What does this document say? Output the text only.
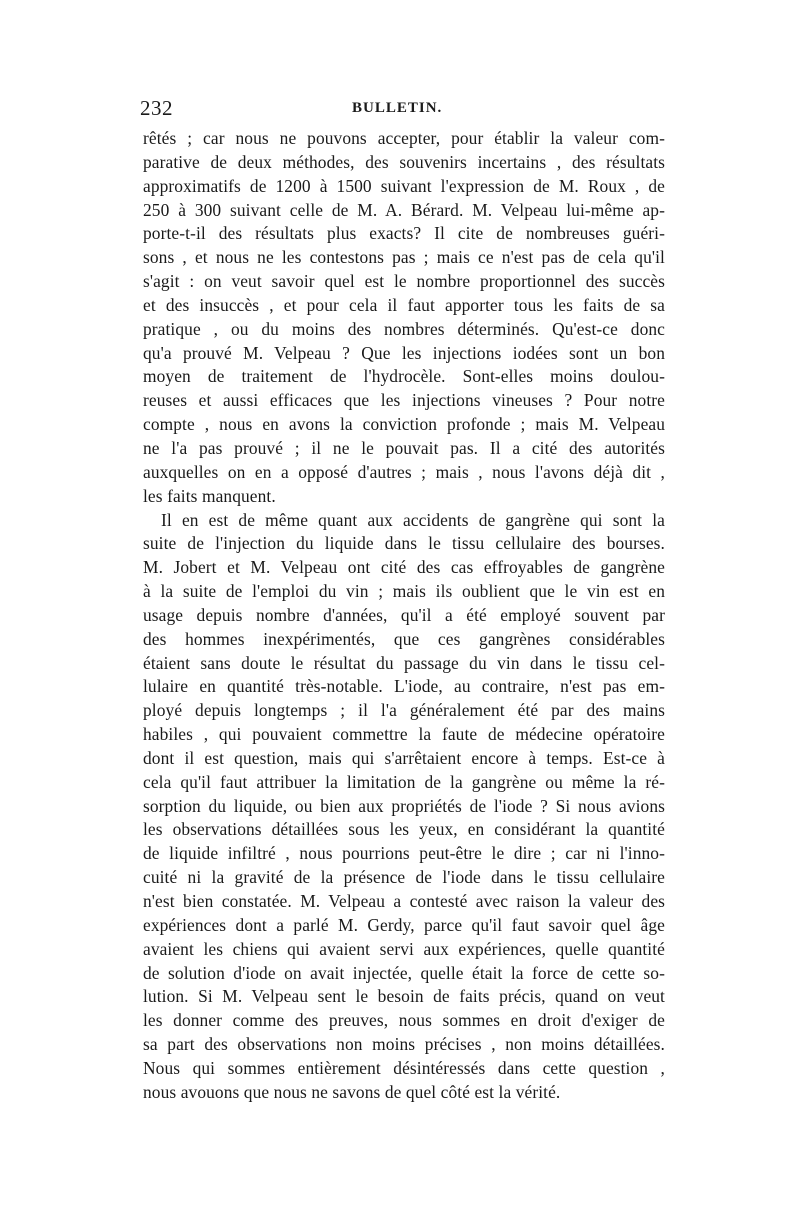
232	BULLETIN.
rêtés ; car nous ne pouvons accepter, pour établir la valeur com-
parative de deux méthodes, des souvenirs incertains , des résultats
approximatifs de 1200 à 1500 suivant l'expression de M. Roux , de
250 à 300 suivant celle de M. A. Bérard. M. Velpeau lui-même ap-
porte-t-il des résultats plus exacts? Il cite de nombreuses guéri-
sons , et nous ne les contestons pas ; mais ce n'est pas de cela qu'il
s'agit : on veut savoir quel est le nombre proportionnel des succès
et des insuccès , et pour cela il faut apporter tous les faits de sa
pratique , ou du moins des nombres déterminés. Qu'est-ce donc
qu'a prouvé M. Velpeau ? Que les injections iodées sont un bon
moyen de traitement de l'hydrocèle. Sont-elles moins doulou-
reuses et aussi efficaces que les injections vineuses ? Pour notre
compte , nous en avons la conviction profonde ; mais M. Velpeau
ne l'a pas prouvé ; il ne le pouvait pas. Il a cité des autorités
auxquelles on en a opposé d'autres ; mais , nous l'avons déjà dit ,
les faits manquent.
Il en est de même quant aux accidents de gangrène qui sont la
suite de l'injection du liquide dans le tissu cellulaire des bourses.
M. Jobert et M. Velpeau ont cité des cas effroyables de gangrène
à la suite de l'emploi du vin ; mais ils oublient que le vin est en
usage depuis nombre d'années, qu'il a été employé souvent par
des hommes inexpérimentés, que ces gangrènes considérables
étaient sans doute le résultat du passage du vin dans le tissu cel-
lulaire en quantité très-notable. L'iode, au contraire, n'est pas em-
ployé depuis longtemps ; il l'a généralement été par des mains
habiles , qui pouvaient commettre la faute de médecine opératoire
dont il est question, mais qui s'arrêtaient encore à temps. Est-ce à
cela qu'il faut attribuer la limitation de la gangrène ou même la ré-
sorption du liquide, ou bien aux propriétés de l'iode ? Si nous avions
les observations détaillées sous les yeux, en considérant la quantité
de liquide infiltré , nous pourrions peut-être le dire ; car ni l'inno-
cuité ni la gravité de la présence de l'iode dans le tissu cellulaire
n'est bien constatée. M. Velpeau a contesté avec raison la valeur des
expériences dont a parlé M. Gerdy, parce qu'il faut savoir quel âge
avaient les chiens qui avaient servi aux expériences, quelle quantité
de solution d'iode on avait injectée, quelle était la force de cette so-
lution. Si M. Velpeau sent le besoin de faits précis, quand on veut
les donner comme des preuves, nous sommes en droit d'exiger de
sa part des observations non moins précises , non moins détaillées.
Nous qui sommes entièrement désintéressés dans cette question ,
nous avouons que nous ne savons de quel côté est la vérité.
